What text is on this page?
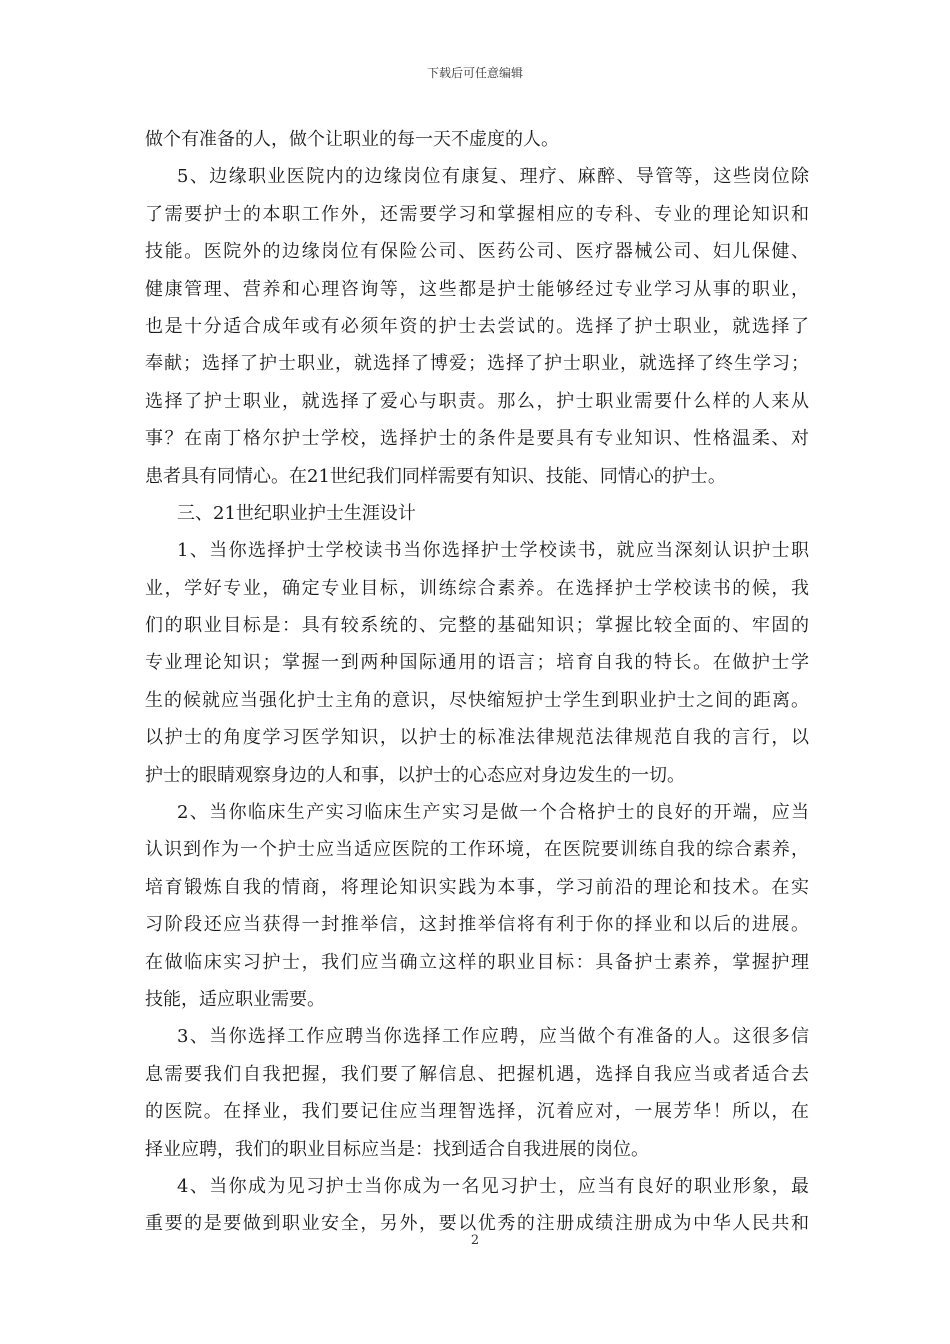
下载后可任意编辑
做个有准备的人，做个让职业的每一天不虚度的人。
5、边缘职业医院内的边缘岗位有康复、理疗、麻醉、导管等，这些岗位除
了需要护士的本职工作外，还需要学习和掌握相应的专科、专业的理论知识和
技能。医院外的边缘岗位有保险公司、医药公司、医疗器械公司、妇儿保健、
健康管理、营养和心理咨询等，这些都是护士能够经过专业学习从事的职业，
也是十分适合成年或有必须年资的护士去尝试的。选择了护士职业，就选择了
奉献；选择了护士职业，就选择了博爱；选择了护士职业，就选择了终生学习；
选择了护士职业，就选择了爱心与职责。那么，护士职业需要什么样的人来从
事？在南丁格尔护士学校，选择护士的条件是要具有专业知识、性格温柔、对
患者具有同情心。在21世纪我们同样需要有知识、技能、同情心的护士。
三、21世纪职业护士生涯设计
1、当你选择护士学校读书当你选择护士学校读书，就应当深刻认识护士职
业，学好专业，确定专业目标，训练综合素养。在选择护士学校读书的候，我
们的职业目标是：具有较系统的、完整的基础知识；掌握比较全面的、牢固的
专业理论知识；掌握一到两种国际通用的语言；培育自我的特长。在做护士学
生的候就应当强化护士主角的意识，尽快缩短护士学生到职业护士之间的距离。
以护士的角度学习医学知识，以护士的标准法律规范法律规范自我的言行，以
护士的眼睛观察身边的人和事，以护士的心态应对身边发生的一切。
2、当你临床生产实习临床生产实习是做一个合格护士的良好的开端，应当
认识到作为一个护士应当适应医院的工作环境，在医院要训练自我的综合素养，
培育锻炼自我的情商，将理论知识实践为本事，学习前沿的理论和技术。在实
习阶段还应当获得一封推举信，这封推举信将有利于你的择业和以后的进展。
在做临床实习护士，我们应当确立这样的职业目标：具备护士素养，掌握护理
技能，适应职业需要。
3、当你选择工作应聘当你选择工作应聘，应当做个有准备的人。这很多信
息需要我们自我把握，我们要了解信息、把握机遇，选择自我应当或者适合去
的医院。在择业，我们要记住应当理智选择，沉着应对，一展芳华！所以，在
择业应聘，我们的职业目标应当是：找到适合自我进展的岗位。
4、当你成为见习护士当你成为一名见习护士，应当有良好的职业形象，最
重要的是要做到职业安全，另外，要以优秀的注册成绩注册成为中华人民共和
2
